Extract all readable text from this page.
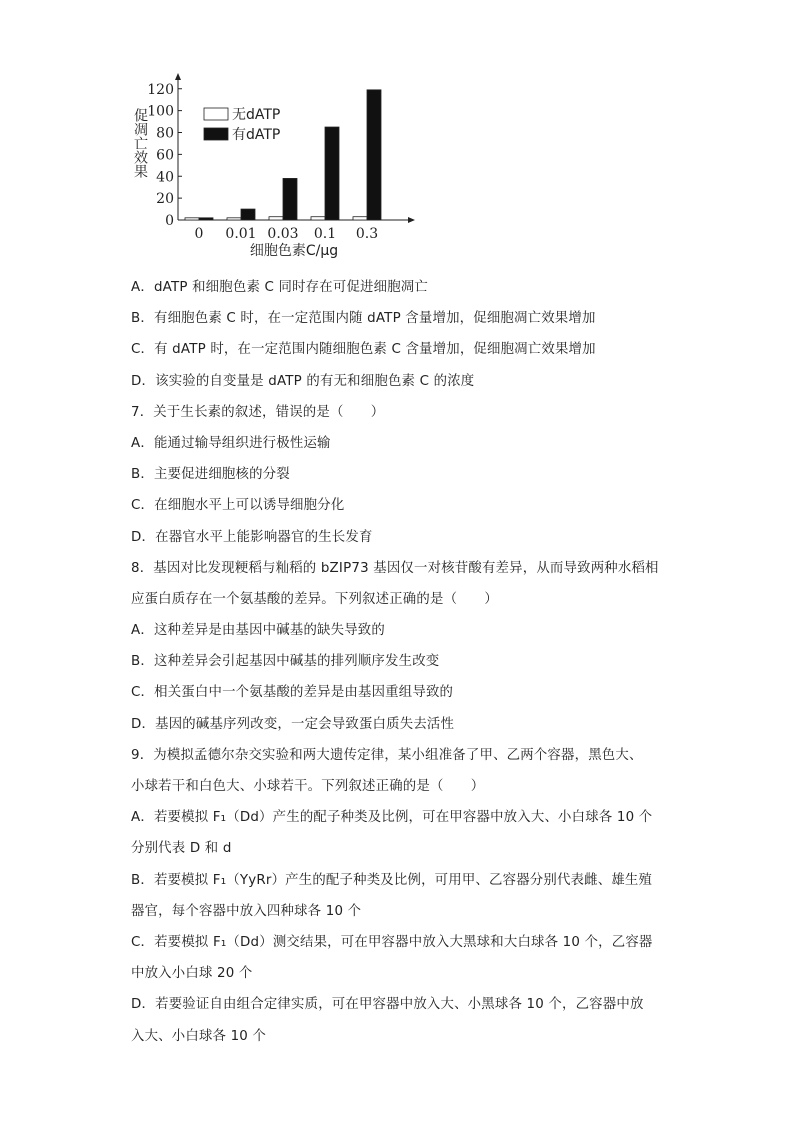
0
20
40
60
80
100
120
促凋亡效果
0 0.01 0.03 0.1 0.3
细胞色素C/μg
无dATP
有dATP
A．dATP 和细胞色素 C 同时存在可促进细胞凋亡
B．有细胞色素 C 时，在一定范围内随 dATP 含量增加，促细胞凋亡效果增加
C．有 dATP 时，在一定范围内随细胞色素 C 含量增加，促细胞凋亡效果增加
D．该实验的自变量是 dATP 的有无和细胞色素 C 的浓度
7．关于生长素的叙述，错误的是（　　）
A．能通过输导组织进行极性运输
B．主要促进细胞核的分裂
C．在细胞水平上可以诱导细胞分化
D．在器官水平上能影响器官的生长发育
8．基因对比发现粳稻与籼稻的 bZIP73 基因仅一对核苷酸有差异，从而导致两种水稻相
应蛋白质存在一个氨基酸的差异。下列叙述正确的是（　　）
A．这种差异是由基因中碱基的缺失导致的
B．这种差异会引起基因中碱基的排列顺序发生改变
C．相关蛋白中一个氨基酸的差异是由基因重组导致的
D．基因的碱基序列改变，一定会导致蛋白质失去活性
9．为模拟孟德尔杂交实验和两大遗传定律，某小组准备了甲、乙两个容器，黑色大、
小球若干和白色大、小球若干。下列叙述正确的是（　　）
A．若要模拟 F₁（Dd）产生的配子种类及比例，可在甲容器中放入大、小白球各 10 个
分别代表 D 和 d
B．若要模拟 F₁（YyRr）产生的配子种类及比例，可用甲、乙容器分别代表雌、雄生殖
器官，每个容器中放入四种球各 10 个
C．若要模拟 F₁（Dd）测交结果，可在甲容器中放入大黑球和大白球各 10 个，乙容器
中放入小白球 20 个
D．若要验证自由组合定律实质，可在甲容器中放入大、小黑球各 10 个，乙容器中放
入大、小白球各 10 个
